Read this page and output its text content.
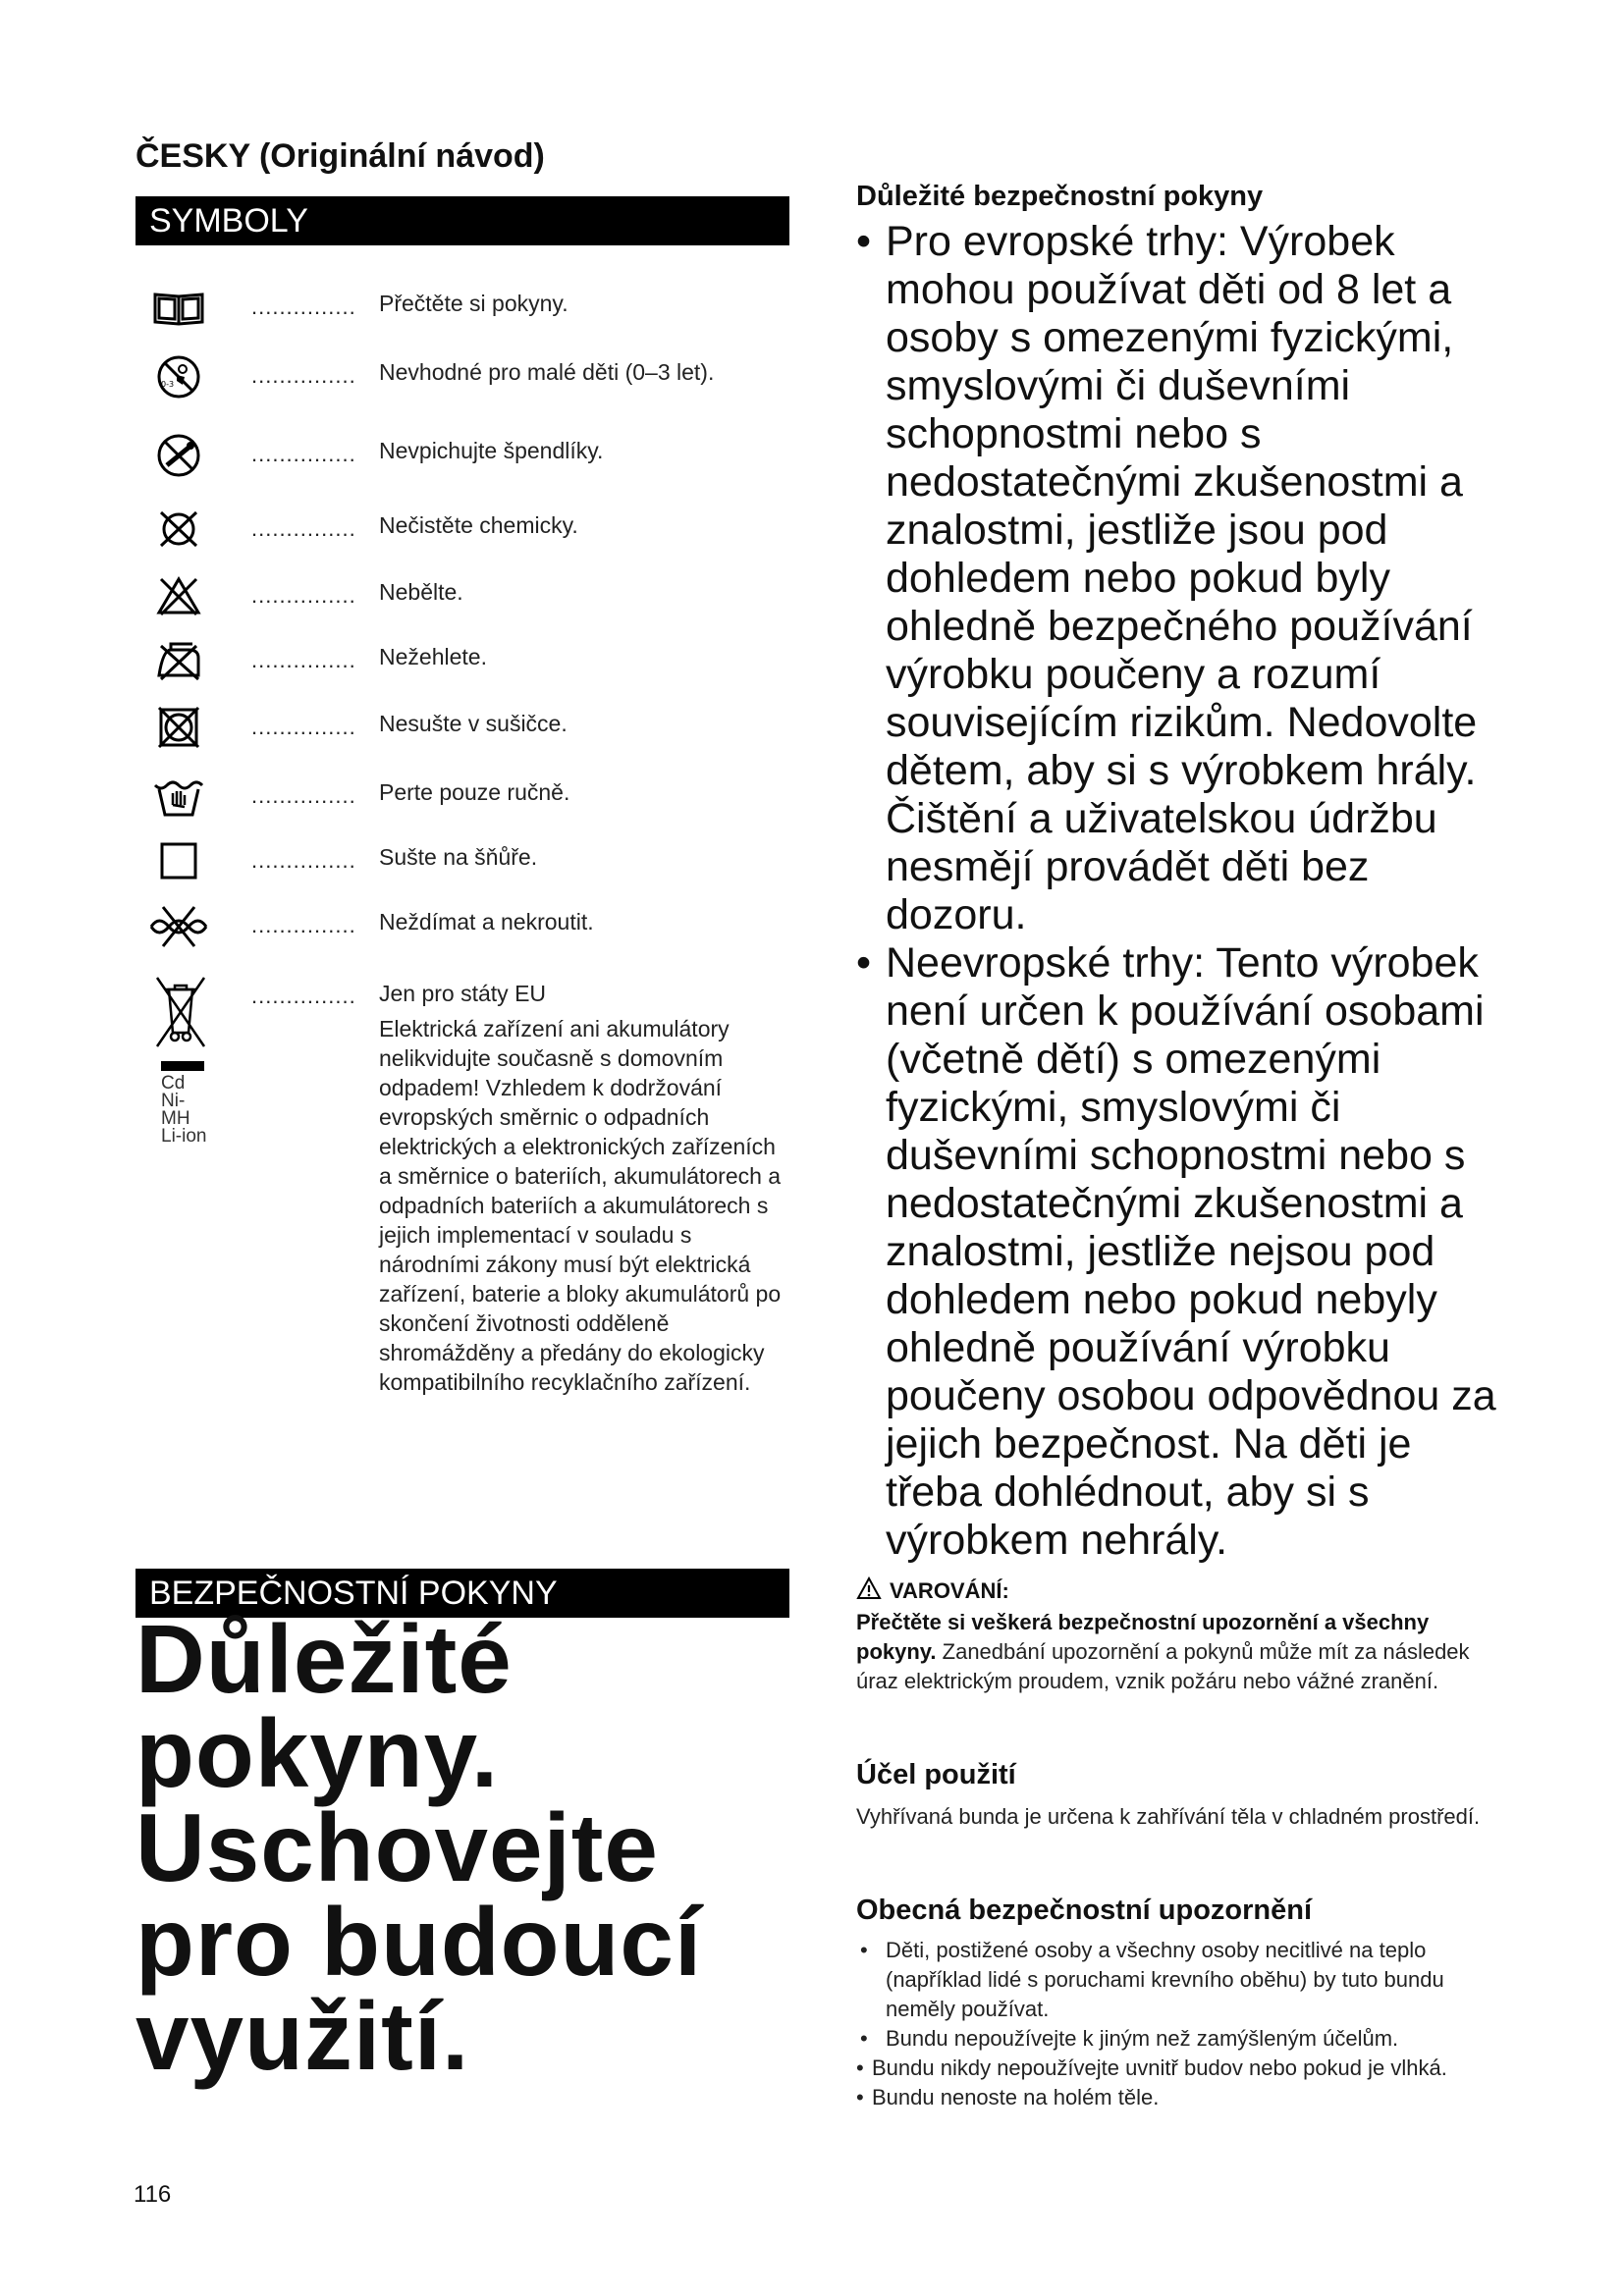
ČESKY (Originální návod)
SYMBOLY
............... Přečtěte si pokyny.
0-3	............... Nevhodné pro malé děti (0–3 let).
............... Nevpichujte špendlíky.
............... Nečistěte chemicky.
............... Nebělte.
............... Nežehlete.
............... Nesušte v sušičce.
............... Perte pouze ručně.
............... Sušte na šňůře.
............... Neždímat a nekroutit.
Cd
Ni-MH
Li-ion
............... Jen pro státy EU
Elektrická zařízení ani akumulátory nelikvidujte současně s domovním odpadem! Vzhledem k dodržování evropských směrnic o odpadních elektrických a elektronických zařízeních a směrnice o bateriích, akumulátorech a odpadních bateriích a akumulátorech s jejich implementací v souladu s národními zákony musí být elektrická zařízení, baterie a bloky akumulátorů po skončení životnosti odděleně shromážděny a předány do ekologicky kompatibilního recyklačního zařízení.
BEZPEČNOSTNÍ POKYNY
Důležité pokyny. Uschovejte pro budoucí využití.
116
Důležité bezpečnostní pokyny
• Pro evropské trhy: Výrobek mohou používat děti od 8 let a osoby s omezenými fyzickými, smyslovými či duševními schopnostmi nebo s nedostatečnými zkušenostmi a znalostmi, jestliže jsou pod dohledem nebo pokud byly ohledně bezpečného používání výrobku poučeny a rozumí souvisejícím rizikům. Nedovolte dětem, aby si s výrobkem hrály. Čištění a uživatelskou údržbu nesmějí provádět děti bez dozoru.
• Neevropské trhy: Tento výrobek není určen k používání osobami (včetně dětí) s omezenými fyzickými, smyslovými či duševními schopnostmi nebo s nedostatečnými zkušenostmi a znalostmi, jestliže nejsou pod dohledem nebo pokud nebyly ohledně používání výrobku poučeny osobou odpovědnou za jejich bezpečnost. Na děti je třeba dohlédnout, aby si s výrobkem nehrály.
VAROVÁNÍ:
Přečtěte si veškerá bezpečnostní upozornění a všechny pokyny. Zanedbání upozornění a pokynů může mít za následek úraz elektrickým proudem, vznik požáru nebo vážné zranění.
Účel použití
Vyhřívaná bunda je určena k zahřívání těla v chladném prostředí.
Obecná bezpečnostní upozornění
• Děti, postižené osoby a všechny osoby necitlivé na teplo (například lidé s poruchami krevního oběhu) by tuto bundu neměly používat.
• Bundu nepoužívejte k jiným než zamýšleným účelům.
• Bundu nikdy nepoužívejte uvnitř budov nebo pokud je vlhká.
• Bundu nenoste na holém těle.
